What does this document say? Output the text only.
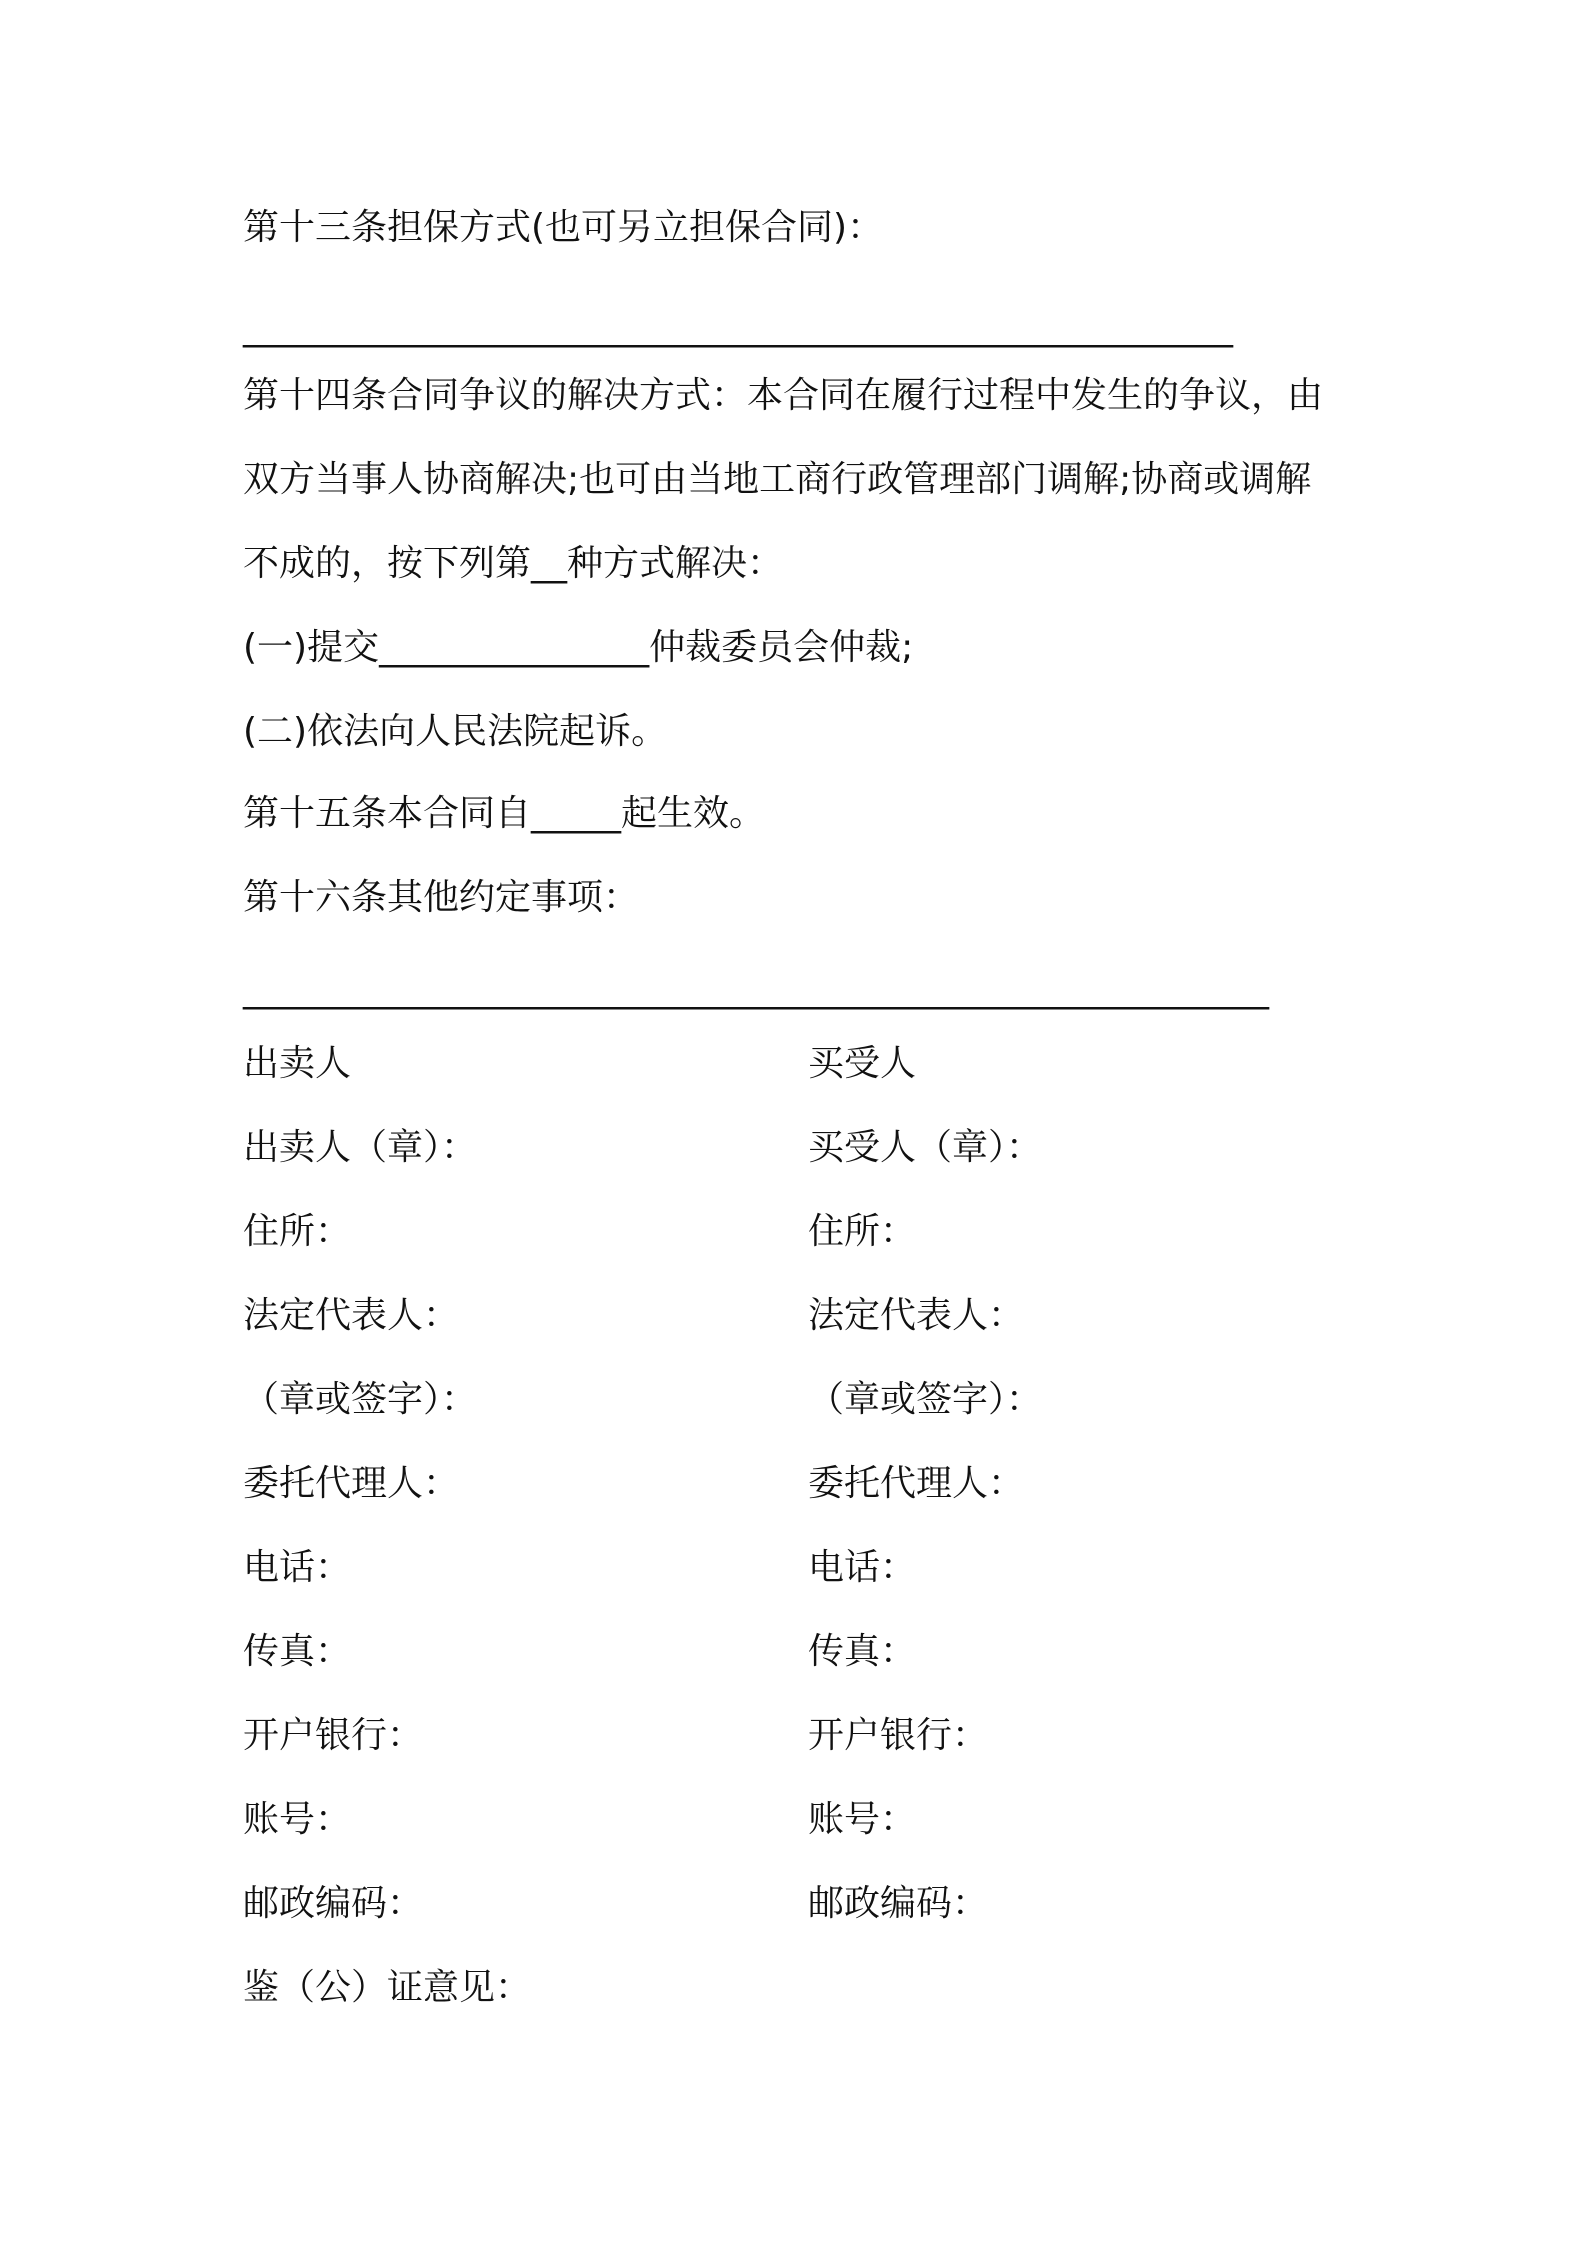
第十三条担保方式(也可另立担保合同)：
_______________________________________________________
第十四条合同争议的解决方式：本合同在履行过程中发生的争议，由
双方当事人协商解决;也可由当地工商行政管理部门调解;协商或调解
不成的，按下列第__种方式解决：
(一)提交_______________仲裁委员会仲裁;
(二)依法向人民法院起诉。
第十五条本合同自_____起生效。
第十六条其他约定事项：
_________________________________________________________
出卖人
出卖人（章）：
住所：
法定代表人：
（章或签字）：
委托代理人：
电话：
传真：
开户银行：
账号：
邮政编码：
买受人
买受人（章）：
住所：
法定代表人：
（章或签字）：
委托代理人：
电话：
传真：
开户银行：
账号：
邮政编码：
鉴（公）证意见：
